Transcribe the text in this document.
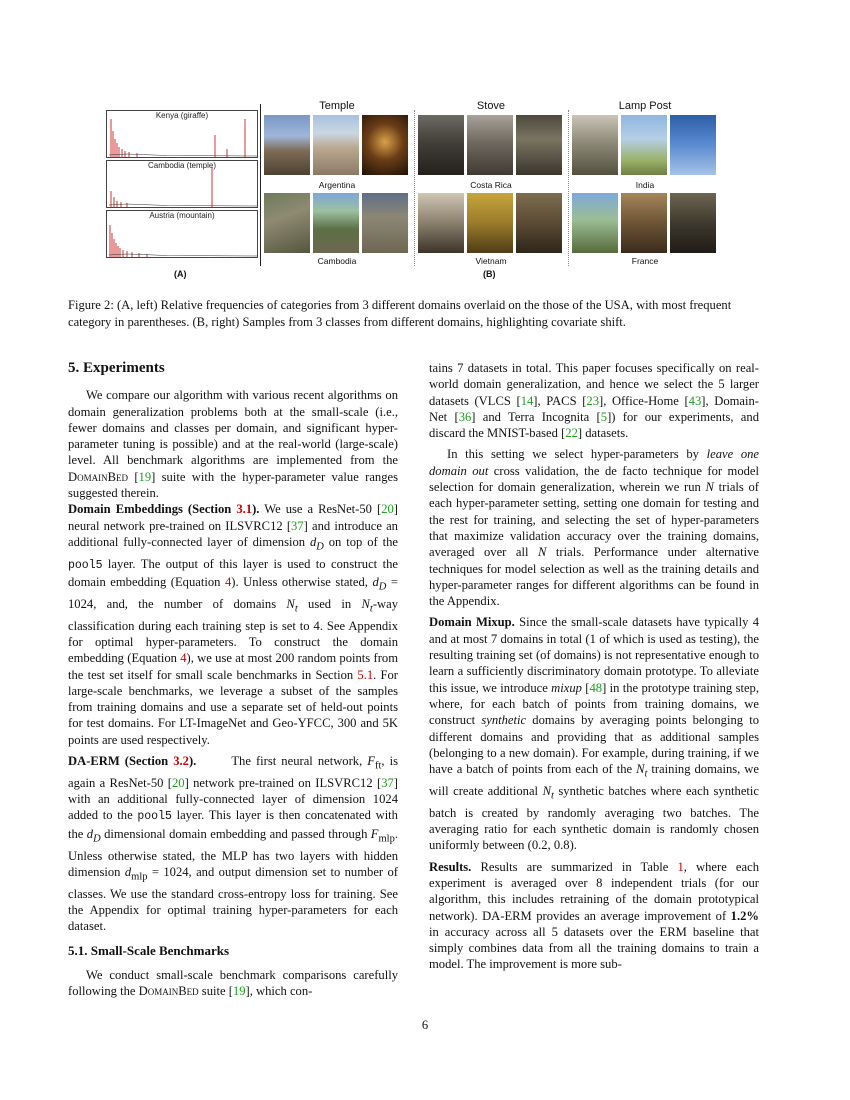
Kenya (giraffe)
Cambodia (temple)
Austria (mountain)
(A)
Temple
Argentina
Cambodia
Stove
Costa Rica
Vietnam
Lamp Post
India
France
(B)
Figure 2: (A, left) Relative frequencies of categories from 3 different domains overlaid on the those of the USA, with most frequent category in parentheses. (B, right) Samples from 3 classes from different domains, highlighting covariate shift.
5. Experiments

We compare our algorithm with various recent algorithms on domain generalization problems both at the small-scale (i.e., fewer domains and classes per domain, and significant hyper-parameter tuning is possible) and at the real-world (large-scale) level. All benchmark algorithms are implemented from the DomainBed [19] suite with the hyper-parameter value ranges suggested therein.

Domain Embeddings (Section 3.1). We use a ResNet-50 [20] neural network pre-trained on ILSVRC12 [37] and introduce an additional fully-connected layer of dimension $d_D$ on top of the pool5 layer. The output of this layer is used to construct the domain embedding (Equation 4). Unless otherwise stated, $d_D = 1024$, and, the number of domains $N_t$ used in $N_t$-way classification during each training step is set to 4. See Appendix for optimal hyper-parameters. To construct the domain embedding (Equation 4), we use at most 200 random points from the test set itself for small scale benchmarks in Section 5.1. For large-scale benchmarks, we leverage a subset of the samples from training domains and use a separate set of held-out points for test domains. For LT-ImageNet and Geo-YFCC, 300 and 5K points are used respectively.

DA-ERM (Section 3.2).       The first neural network, $F_{ft}$, is again a ResNet-50 [20] network pre-trained on ILSVRC12 [37] with an additional fully-connected layer of dimension 1024 added to the pool5 layer. This layer is then concatenated with the $d_D$ dimensional domain embedding and passed through $F_{mlp}$. Unless otherwise stated, the MLP has two layers with hidden dimension $d_{mlp} = 1024$, and output dimension set to number of classes. We use the standard cross-entropy loss for training. See the Appendix for optimal training hyper-parameters for each dataset.

5.1. Small-Scale Benchmarks

We conduct small-scale benchmark comparisons carefully following the DomainBed suite [19], which con-

tains 7 datasets in total. This paper focuses specifically on real-world domain generalization, and hence we select the 5 larger datasets (VLCS [14], PACS [23], Office-Home [43], Domain-Net [36] and Terra Incognita [5]) for our experiments, and discard the MNIST-based [22] datasets.

In this setting we select hyper-parameters by leave one domain out cross validation, the de facto technique for model selection for domain generalization, wherein we run N trials of each hyper-parameter setting, setting one domain for testing and the rest for training, and selecting the set of hyper-parameters that maximize validation accuracy over the training domains, averaged over all N trials. Performance under alternative techniques for model selection as well as the training details and hyper-parameter ranges for different algorithms can be found in the Appendix.

Domain Mixup. Since the small-scale datasets have typically 4 and at most 7 domains in total (1 of which is used as testing), the resulting training set (of domains) is not representative enough to learn a sufficiently discriminatory domain prototype. To alleviate this issue, we introduce mixup [48] in the prototype training step, where, for each batch of points from training domains, we construct synthetic domains by averaging points belonging to different domains and providing that as additional samples (belonging to a new domain). For example, during training, if we have a batch of points from each of the $N_t$ training domains, we will create additional $N_t$ synthetic batches where each synthetic batch is created by randomly averaging two batches. The averaging ratio for each synthetic domain is randomly chosen uniformly between (0.2, 0.8).

Results. Results are summarized in Table 1, where each experiment is averaged over 8 independent trials (for our algorithm, this includes retraining of the domain prototypical network). DA-ERM provides an average improvement of 1.2% in accuracy across all 5 datasets over the ERM baseline that simply combines data from all the training domains to train a model. The improvement is more sub-

6
